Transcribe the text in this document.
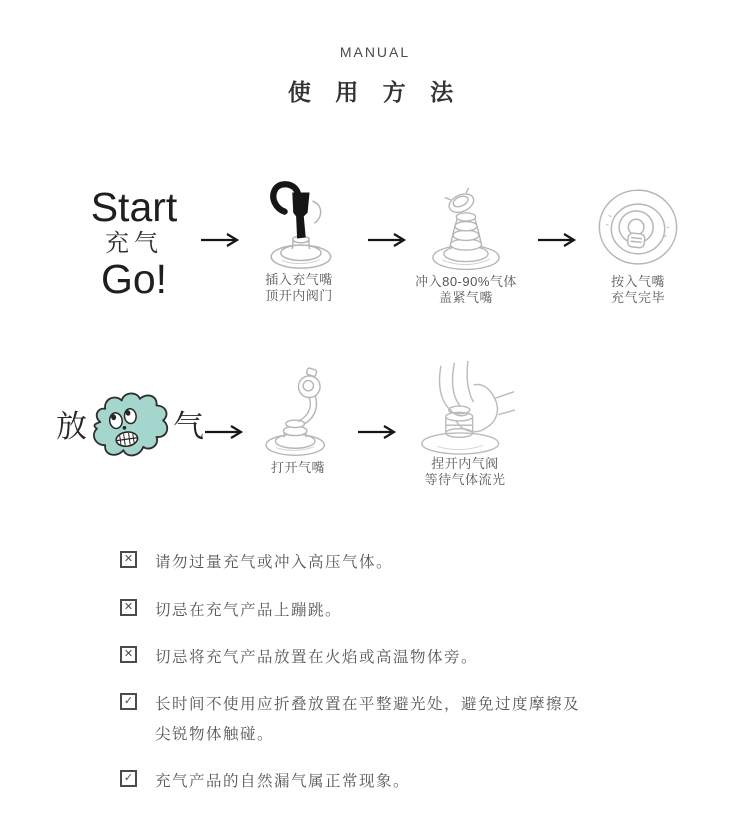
MANUAL
使 用 方 法
Start
充气
Go!	插入充气嘴
顶开内阀门
冲入80-90%气体
盖紧气嘴
按入气嘴
充气完毕
放	气
打开气嘴	捏开内气阀
等待气体流光
✕ 请勿过量充气或冲入高压气体。

✕ 切忌在充气产品上蹦跳。

✕ 切忌将充气产品放置在火焰或高温物体旁。

✓ 长时间不使用应折叠放置在平整避光处，避免过度摩擦及尖锐物体触碰。

✓ 充气产品的自然漏气属正常现象。
